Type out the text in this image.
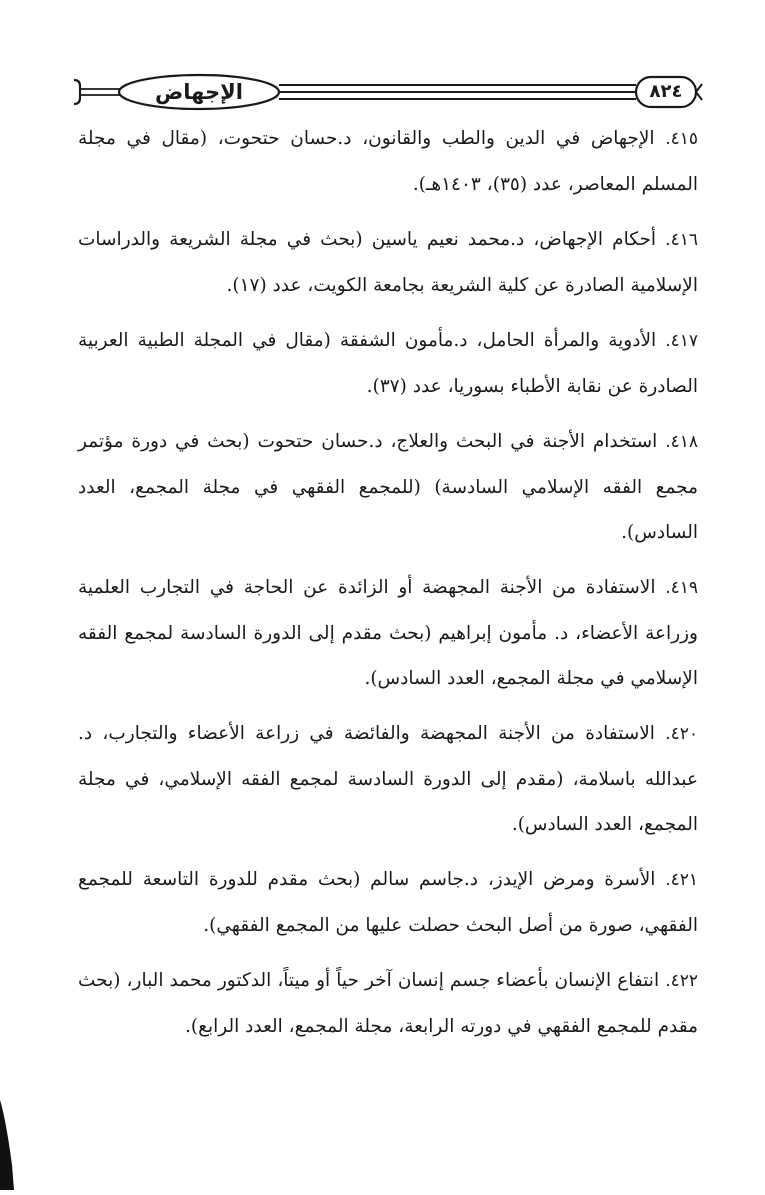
الإجهاض	٨٢٤

٤١٥. الإجهاض في الدين والطب والقانون، د.حسان حتحوت، (مقال في مجلة المسلم المعاصر، عدد (٣٥)، ١٤٠٣هـ).

٤١٦. أحكام الإجهاض، د.محمد نعيم ياسين (بحث في مجلة الشريعة والدراسات الإسلامية الصادرة عن كلية الشريعة بجامعة الكويت، عدد (١٧).

٤١٧. الأدوية والمرأة الحامل، د.مأمون الشفقة (مقال في المجلة الطبية العربية الصادرة عن نقابة الأطباء بسوريا، عدد (٣٧).

٤١٨. استخدام الأجنة في البحث والعلاج، د.حسان حتحوت (بحث في دورة مؤتمر مجمع الفقه الإسلامي السادسة) (للمجمع الفقهي في مجلة المجمع، العدد السادس).

٤١٩. الاستفادة من الأجنة المجهضة أو الزائدة عن الحاجة في التجارب العلمية وزراعة الأعضاء، د. مأمون إبراهيم (بحث مقدم إلى الدورة السادسة لمجمع الفقه الإسلامي في مجلة المجمع، العدد السادس).

٤٢٠. الاستفادة من الأجنة المجهضة والفائضة في زراعة الأعضاء والتجارب، د. عبدالله باسلامة، (مقدم إلى الدورة السادسة لمجمع الفقه الإسلامي، في مجلة المجمع، العدد السادس).

٤٢١. الأسرة ومرض الإيدز، د.جاسم سالم (بحث مقدم للدورة التاسعة للمجمع الفقهي، صورة من أصل البحث حصلت عليها من المجمع الفقهي).

٤٢٢. انتفاع الإنسان بأعضاء جسم إنسان آخر حياً أو ميتاً، الدكتور محمد البار، (بحث مقدم للمجمع الفقهي في دورته الرابعة، مجلة المجمع، العدد الرابع).
